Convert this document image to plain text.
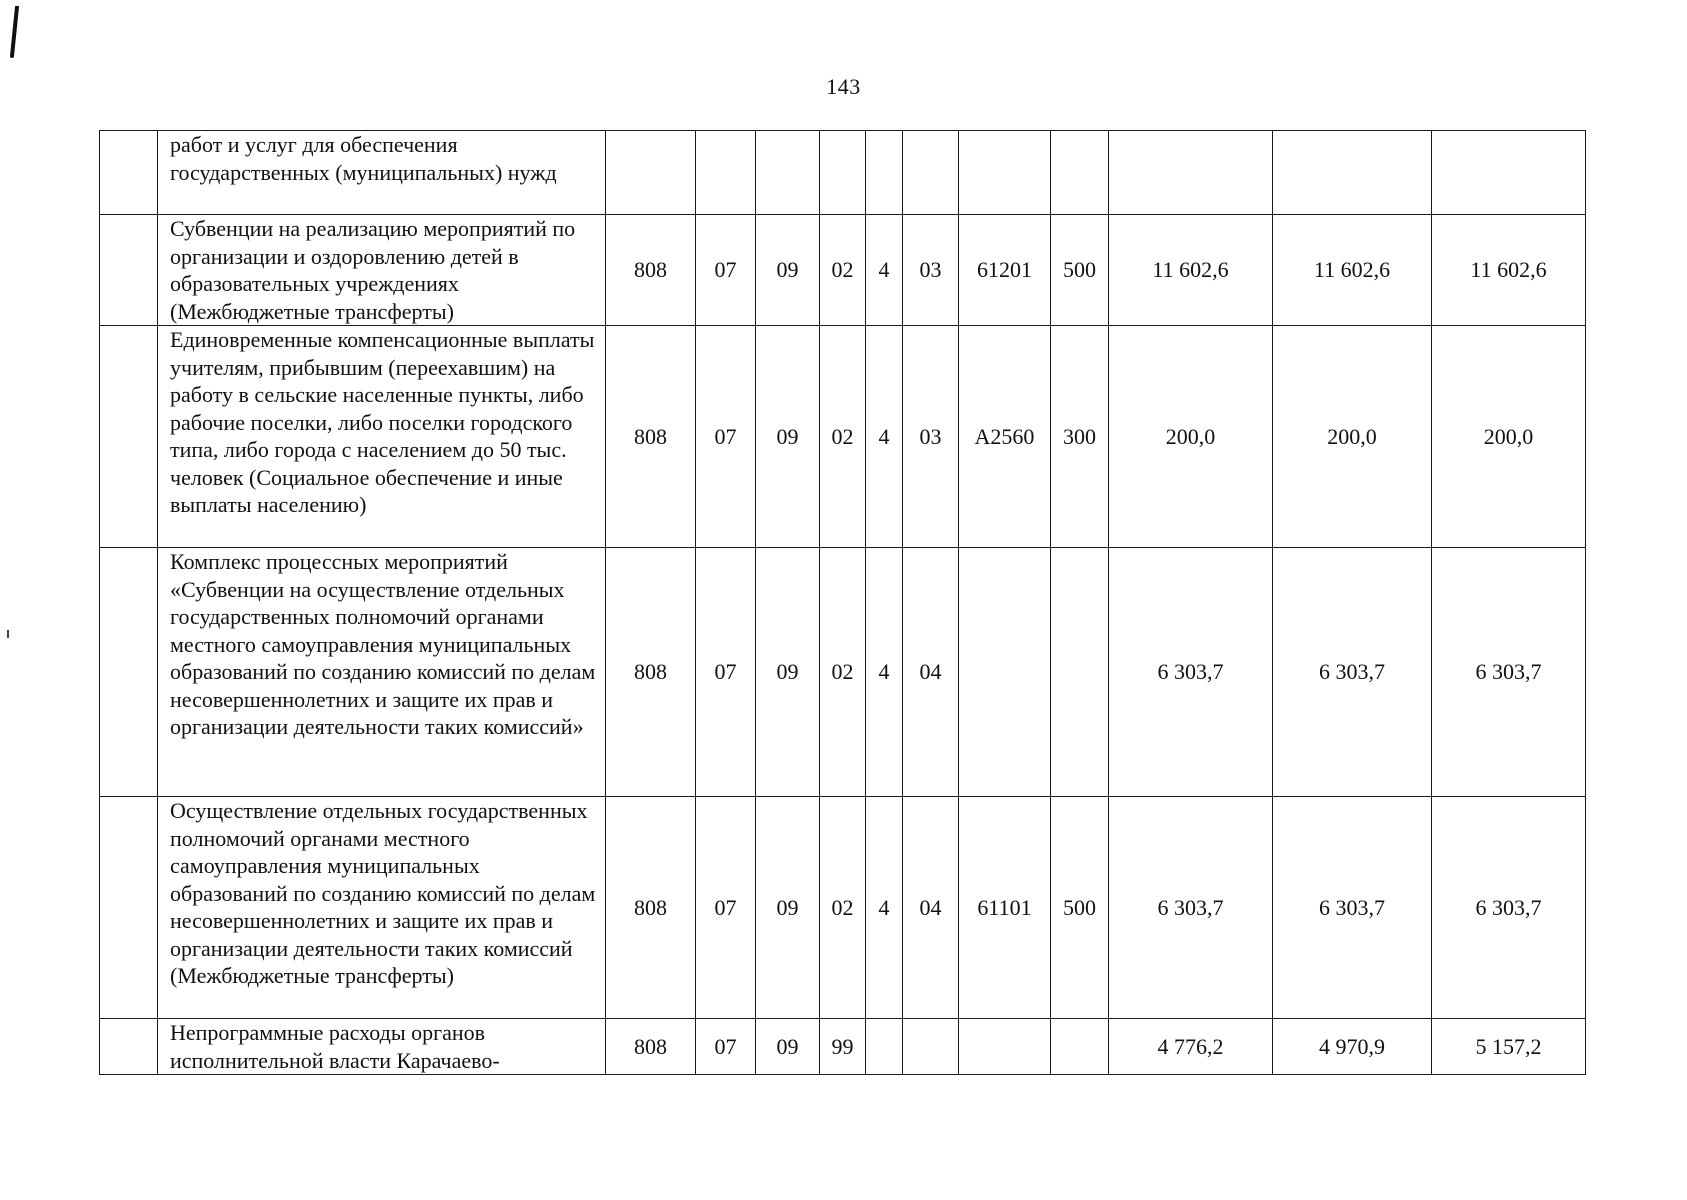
143
	работ и услуг для обеспечения государственных (муниципальных) нужд											
	Субвенции на реализацию мероприятий по организации и оздоровлению детей в образовательных учреждениях (Межбюджетные трансферты)	808	07	09	02	4	03	61201	500	11 602,6	11 602,6	11 602,6
	Единовременные компенсационные выплаты учителям, прибывшим (переехавшим) на работу в сельские населенные пункты, либо рабочие поселки, либо поселки городского типа, либо города с населением до 50 тыс. человек (Социальное обеспечение и иные выплаты населению)	808	07	09	02	4	03	А2560	300	200,0	200,0	200,0
	Комплекс процессных мероприятий «Субвенции на осуществление отдельных государственных полномочий органами местного самоуправления муниципальных образований по созданию комиссий по делам несовершеннолетних и защите их прав и организации деятельности таких комиссий»	808	07	09	02	4	04			6 303,7	6 303,7	6 303,7
	Осуществление отдельных государственных полномочий органами местного самоуправления муниципальных образований по созданию комиссий по делам несовершеннолетних и защите их прав и организации деятельности таких комиссий (Межбюджетные трансферты)	808	07	09	02	4	04	61101	500	6 303,7	6 303,7	6 303,7
	Непрограммные расходы органов исполнительной власти Карачаево-	808	07	09	99					4 776,2	4 970,9	5 157,2
